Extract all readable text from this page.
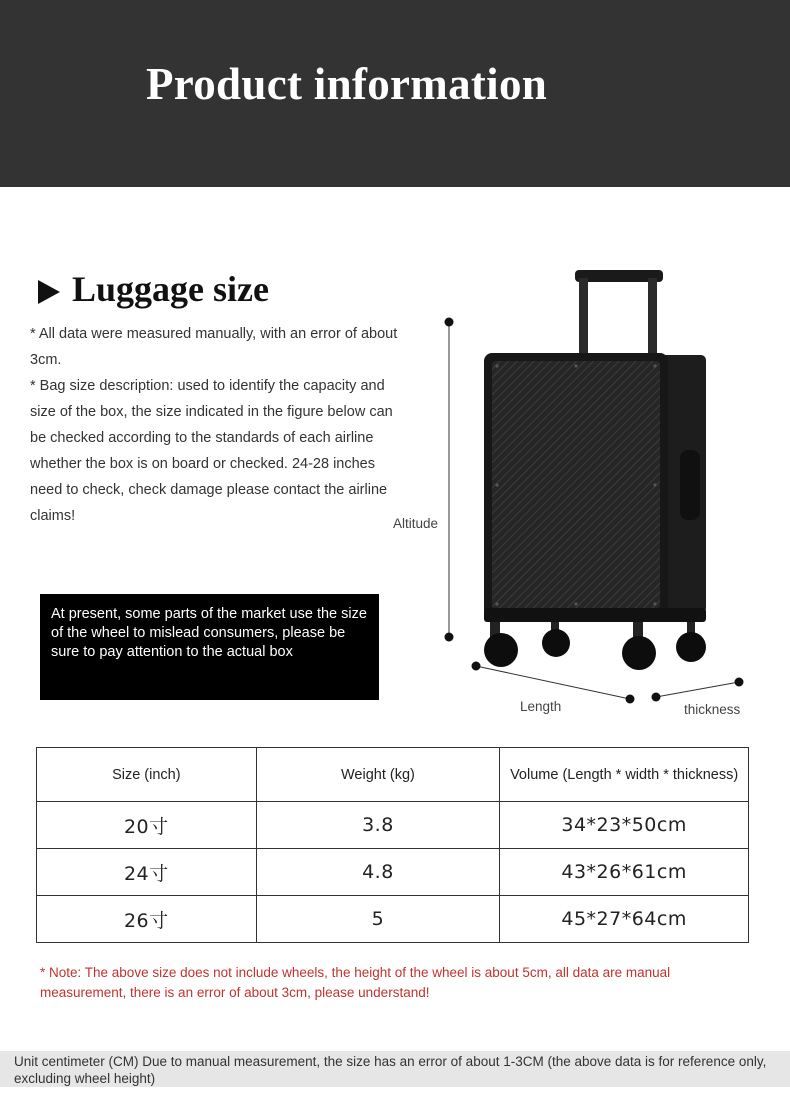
Product information
Luggage size

* All data were measured manually, with an error of about 3cm.

* Bag size description: used to identify the capacity and size of the box, the size indicated in the figure below can be checked according to the standards of each airline whether the box is on board or checked. 24-28 inches need to check, check damage please contact the airline claims!

At present, some parts of the market use the size of the wheel to mislead consumers, please be sure to pay attention to the actual box
Altitude
Length	thickness
Size (inch)	Weight (kg)	Volume (Length * width * thickness)
20寸	3.8	34*23*50cm
24寸	4.8	43*26*61cm
26寸	5	45*27*64cm
* Note: The above size does not include wheels, the height of the wheel is about 5cm, all data are manual measurement, there is an error of about 3cm, please understand!
Unit centimeter (CM) Due to manual measurement, the size has an error of about 1-3CM (the above data is for reference only, excluding wheel height)
